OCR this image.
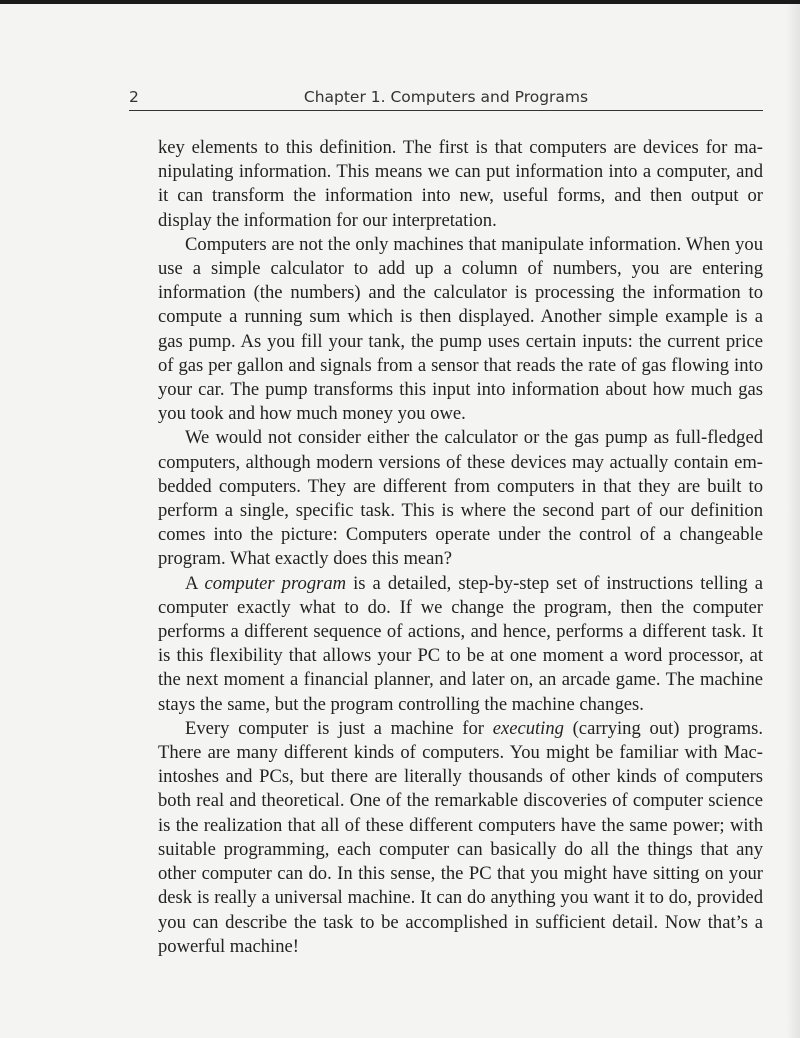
2	Chapter 1. Computers and Programs

key elements to this definition. The first is that computers are devices for manipulating information. This means we can put information into a computer, and it can transform the information into new, useful forms, and then output or display the information for our interpretation.

Computers are not the only machines that manipulate information. When you use a simple calculator to add up a column of numbers, you are entering information (the numbers) and the calculator is processing the information to compute a running sum which is then displayed. Another simple example is a gas pump. As you fill your tank, the pump uses certain inputs: the current price of gas per gallon and signals from a sensor that reads the rate of gas flowing into your car. The pump transforms this input into information about how much gas you took and how much money you owe.

We would not consider either the calculator or the gas pump as full-fledged computers, although modern versions of these devices may actually contain embedded computers. They are different from computers in that they are built to perform a single, specific task. This is where the second part of our definition comes into the picture: Computers operate under the control of a changeable program. What exactly does this mean?

A computer program is a detailed, step-by-step set of instructions telling a computer exactly what to do. If we change the program, then the computer performs a different sequence of actions, and hence, performs a different task. It is this flexibility that allows your PC to be at one moment a word processor, at the next moment a financial planner, and later on, an arcade game. The machine stays the same, but the program controlling the machine changes.

Every computer is just a machine for executing (carrying out) programs. There are many different kinds of computers. You might be familiar with Macintoshes and PCs, but there are literally thousands of other kinds of computers both real and theoretical. One of the remarkable discoveries of computer science is the realization that all of these different computers have the same power; with suitable programming, each computer can basically do all the things that any other computer can do. In this sense, the PC that you might have sitting on your desk is really a universal machine. It can do anything you want it to do, provided you can describe the task to be accomplished in sufficient detail. Now that’s a powerful machine!
